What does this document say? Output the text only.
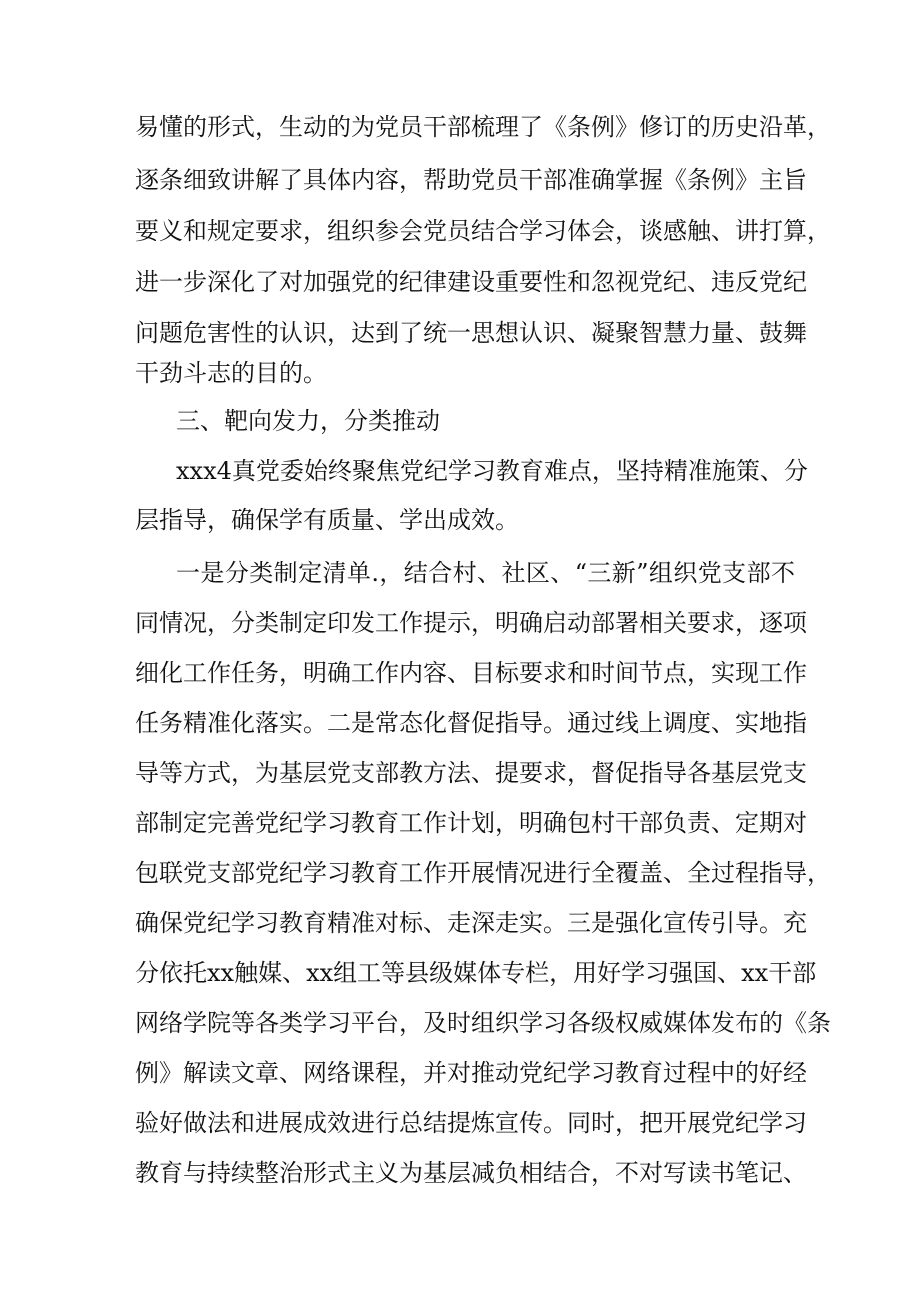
易懂的形式，生动的为党员干部梳理了《条例》修订的历史沿革，
逐条细致讲解了具体内容，帮助党员干部准确掌握《条例》主旨
要义和规定要求，组织参会党员结合学习体会，谈感触、讲打算，
进一步深化了对加强党的纪律建设重要性和忽视党纪、违反党纪
问题危害性的认识，达到了统一思想认识、凝聚智慧力量、鼓舞
干劲斗志的目的。
三、靶向发力，分类推动
xxx4真党委始终聚焦党纪学习教育难点，坚持精准施策、分
层指导，确保学有质量、学出成效。
一是分类制定清单.，结合村、社区、“三新”组织党支部不
同情况，分类制定印发工作提示，明确启动部署相关要求，逐项
细化工作任务，明确工作内容、目标要求和时间节点，实现工作
任务精准化落实。二是常态化督促指导。通过线上调度、实地指
导等方式，为基层党支部教方法、提要求，督促指导各基层党支
部制定完善党纪学习教育工作计划，明确包村干部负责、定期对
包联党支部党纪学习教育工作开展情况进行全覆盖、全过程指导，
确保党纪学习教育精准对标、走深走实。三是强化宣传引导。充
分依托xx触媒、xx组工等县级媒体专栏，用好学习强国、xx干部
网络学院等各类学习平台，及时组织学习各级权威媒体发布的《条
例》解读文章、网络课程，并对推动党纪学习教育过程中的好经
验好做法和进展成效进行总结提炼宣传。同时，把开展党纪学习
教育与持续整治形式主义为基层减负相结合，不对写读书笔记、
